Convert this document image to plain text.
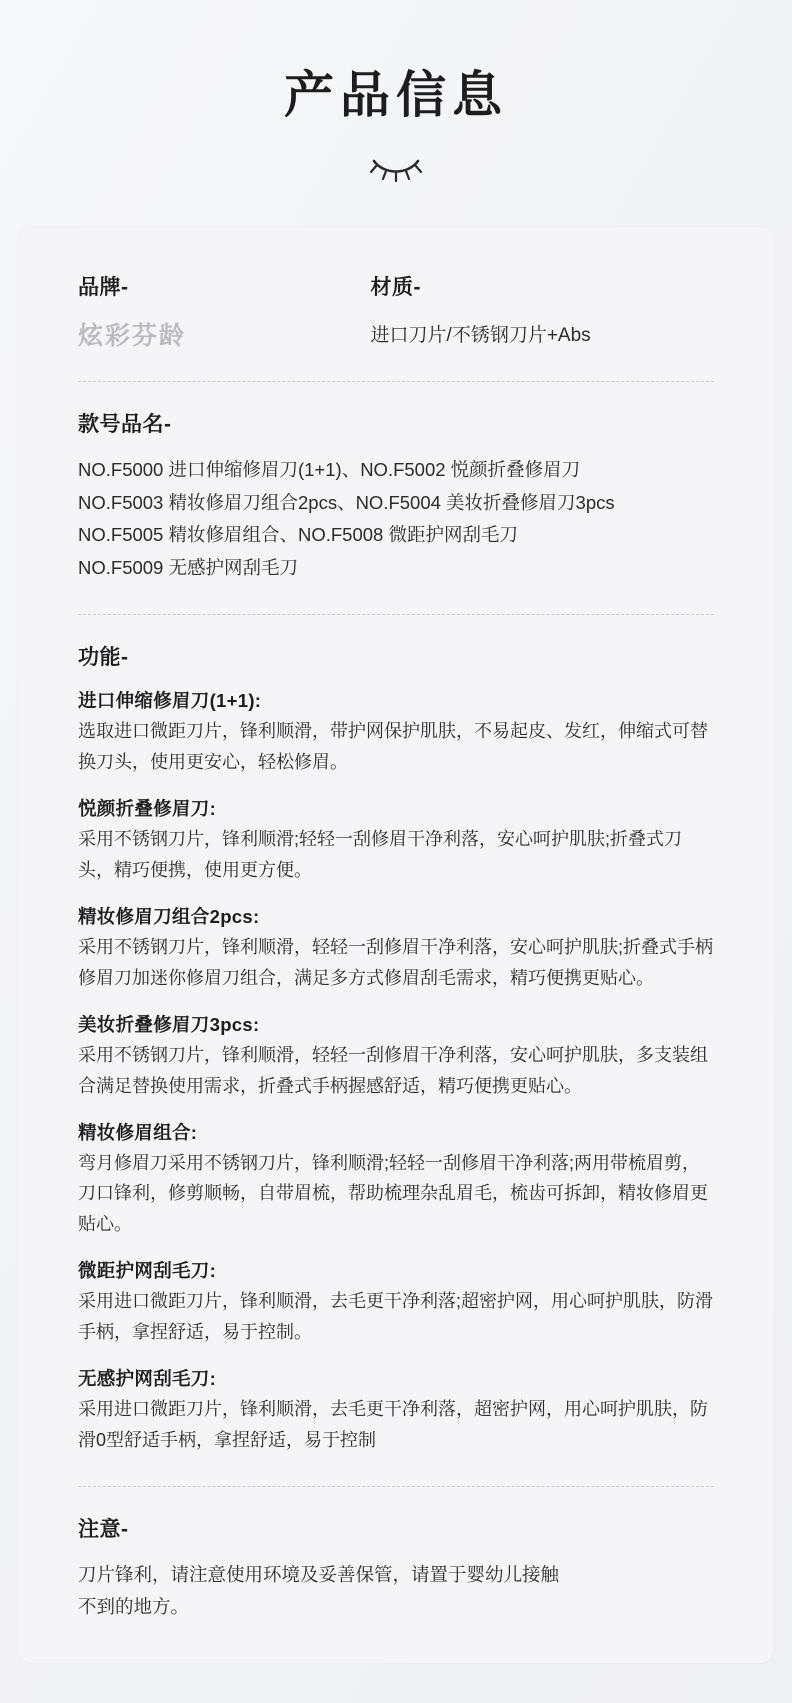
产品信息

品牌-

炫彩芬龄

材质-

进口刀片/不锈钢刀片+Abs

款号品名-

NO.F5000 进口伸缩修眉刀(1+1)、NO.F5002 悦颜折叠修眉刀

NO.F5003 精妆修眉刀组合2pcs、NO.F5004 美妆折叠修眉刀3pcs

NO.F5005 精妆修眉组合、NO.F5008 微距护网刮毛刀

NO.F5009 无感护网刮毛刀

功能-

进口伸缩修眉刀(1+1):

选取进口微距刀片，锋利顺滑，带护网保护肌肤，不易起皮、发红，伸缩式可替换刀头，使用更安心，轻松修眉。

悦颜折叠修眉刀:

采用不锈钢刀片，锋利顺滑;轻轻一刮修眉干净利落，安心呵护肌肤;折叠式刀头，精巧便携，使用更方便。

精妆修眉刀组合2pcs:

采用不锈钢刀片，锋利顺滑，轻轻一刮修眉干净利落，安心呵护肌肤;折叠式手柄修眉刀加迷你修眉刀组合，满足多方式修眉刮毛需求，精巧便携更贴心。

美妆折叠修眉刀3pcs:

采用不锈钢刀片，锋利顺滑，轻轻一刮修眉干净利落，安心呵护肌肤，多支装组合满足替换使用需求，折叠式手柄握感舒适，精巧便携更贴心。

精妆修眉组合:

弯月修眉刀采用不锈钢刀片，锋利顺滑;轻轻一刮修眉干净利落;两用带梳眉剪，刀口锋利，修剪顺畅，自带眉梳，帮助梳理杂乱眉毛，梳齿可拆卸，精妆修眉更贴心。

微距护网刮毛刀:

采用进口微距刀片，锋利顺滑，去毛更干净利落;超密护网，用心呵护肌肤，防滑手柄，拿捏舒适，易于控制。

无感护网刮毛刀:

采用进口微距刀片，锋利顺滑，去毛更干净利落，超密护网，用心呵护肌肤，防滑0型舒适手柄，拿捏舒适，易于控制

注意-

刀片锋利，请注意使用环境及妥善保管，请置于婴幼儿接触

不到的地方。
